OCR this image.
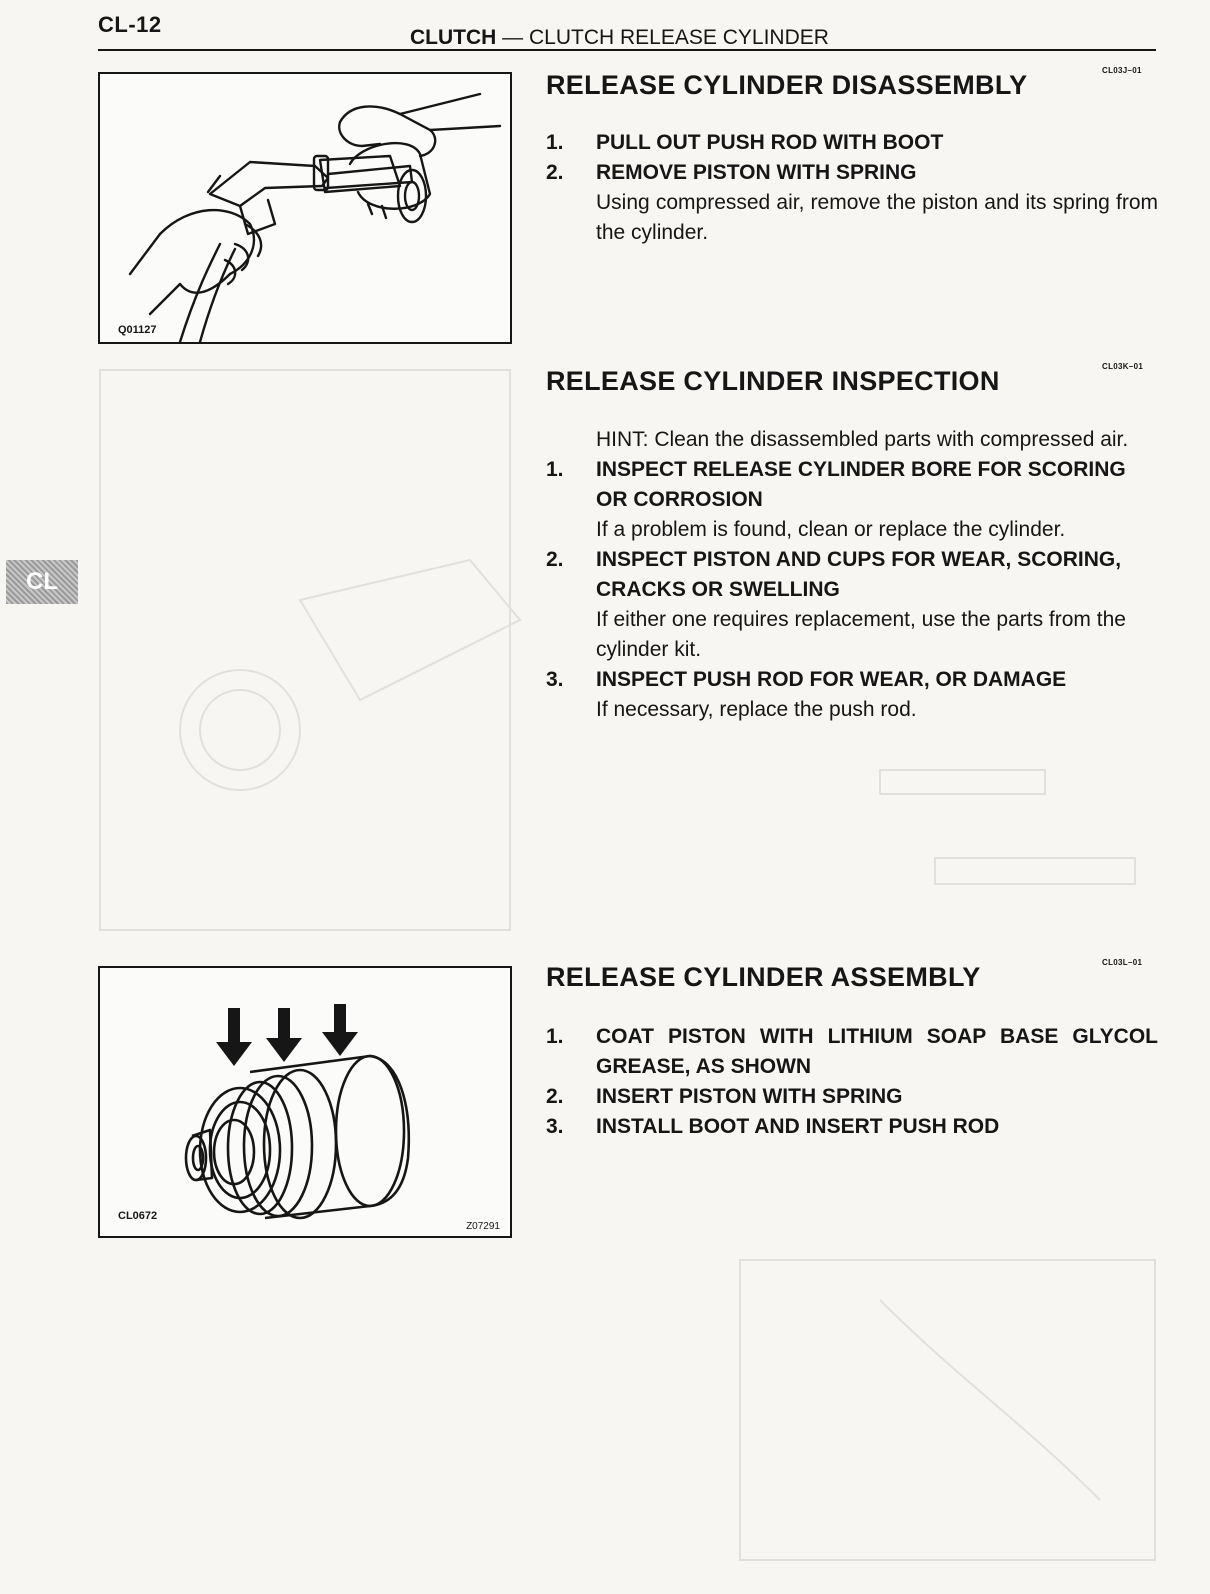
CL-12
CLUTCH — CLUTCH RELEASE CYLINDER
CL
Q01127
CL03J–01
RELEASE CYLINDER DISASSEMBLY
1.	PULL OUT PUSH ROD WITH BOOT
2.	REMOVE PISTON WITH SPRING
Using compressed air, remove the piston and its spring from the cylinder.
CL03K–01
RELEASE CYLINDER INSPECTION
HINT: Clean the disassembled parts with compressed air.
1.	INSPECT RELEASE CYLINDER BORE FOR SCORING OR CORROSION
If a problem is found, clean or replace the cylinder.
2.	INSPECT PISTON AND CUPS FOR WEAR, SCORING, CRACKS OR SWELLING
If either one requires replacement, use the parts from the cylinder kit.
3.	INSPECT PUSH ROD FOR WEAR, OR DAMAGE
If necessary, replace the push rod.
CL0672
Z07291
CL03L–01
RELEASE CYLINDER ASSEMBLY
1.	COAT PISTON WITH LITHIUM SOAP BASE GLYCOL GREASE, AS SHOWN
2.	INSERT PISTON WITH SPRING
3.	INSTALL BOOT AND INSERT PUSH ROD
